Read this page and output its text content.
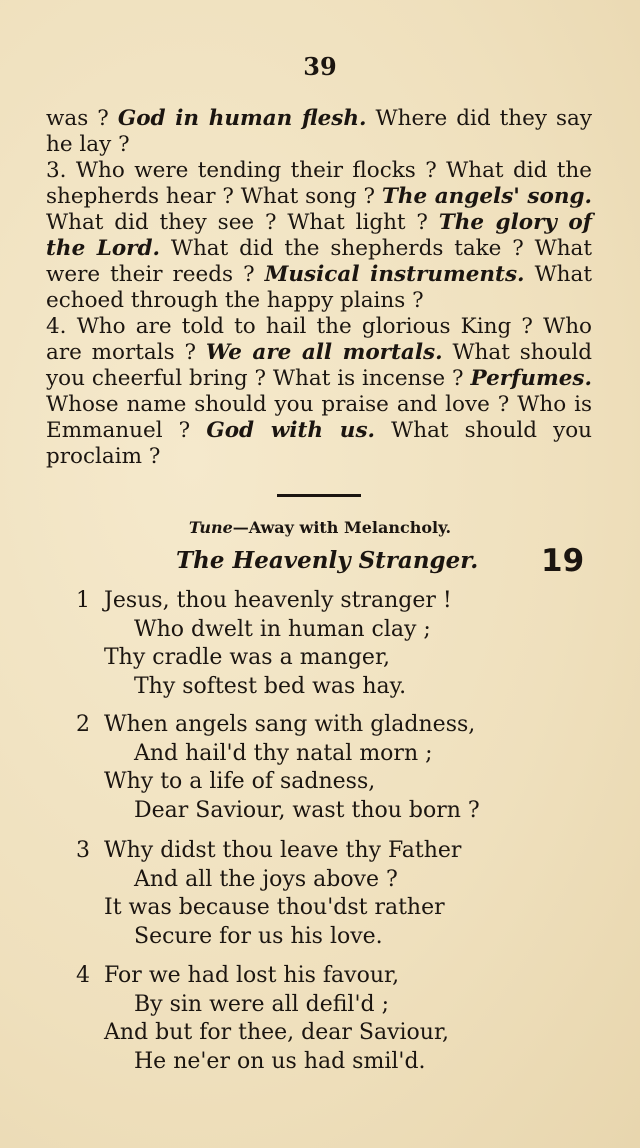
39

was ? God in human flesh. Where did they say he lay ?

3. Who were tending their flocks ? What did the shepherds hear ? What song ? The angels' song. What did they see ? What light ? The glory of the Lord. What did the shepherds take ? What were their reeds ? Musical instruments. What echoed through the happy plains ?

4. Who are told to hail the glorious King ? Who are mortals ? We are all mortals. What should you cheerful bring ? What is incense ? Perfumes. Whose name should you praise and love ? Who is Emmanuel ? God with us. What should you proclaim ?

Tune—Away with Melancholy.
The Heavenly Stranger. 19
1 Jesus, thou heavenly stranger !
Who dwelt in human clay ;
Thy cradle was a manger,
Thy softest bed was hay.
2 When angels sang with gladness,
And hail'd thy natal morn ;
Why to a life of sadness,
Dear Saviour, wast thou born ?
3 Why didst thou leave thy Father
And all the joys above ?
It was because thou'dst rather
Secure for us his love.
4 For we had lost his favour,
By sin were all defil'd ;
And but for thee, dear Saviour,
He ne'er on us had smil'd.
